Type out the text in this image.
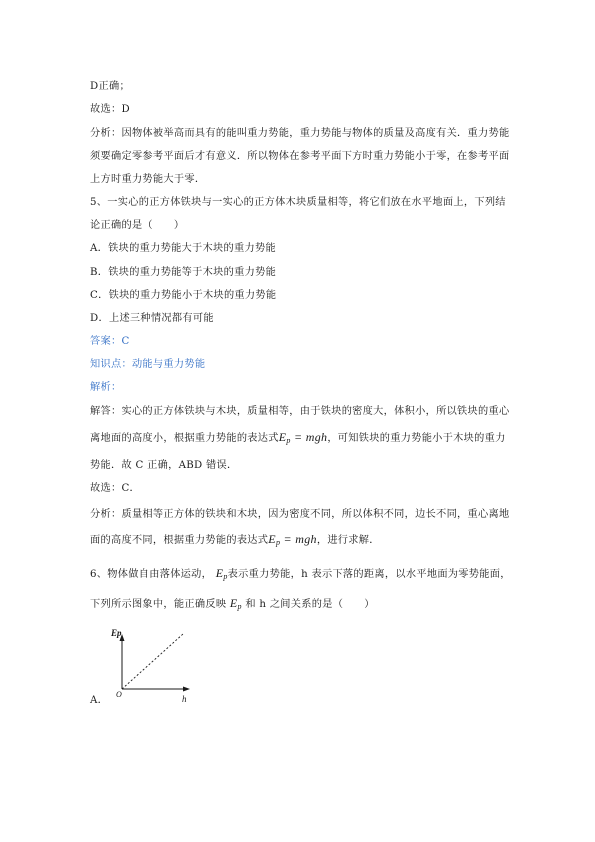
D正确；
故选：D
分析：因物体被举高而具有的能叫重力势能，重力势能与物体的质量及高度有关．重力势能
须要确定零参考平面后才有意义．所以物体在参考平面下方时重力势能小于零，在参考平面
上方时重力势能大于零．
5、一实心的正方体铁块与一实心的正方体木块质量相等，将它们放在水平地面上，下列结
论正确的是（　　）
A．铁块的重力势能大于木块的重力势能
B．铁块的重力势能等于木块的重力势能
C．铁块的重力势能小于木块的重力势能
D．上述三种情况都有可能
答案：C
知识点：动能与重力势能
解析：
解答：实心的正方体铁块与木块，质量相等，由于铁块的密度大，体积小，所以铁块的重心
离地面的高度小，根据重力势能的表达式$E_p$ = mgh，可知铁块的重力势能小于木块的重力
势能．故 C 正确，ABD 错误．
故选：C．
分析：质量相等正方体的铁块和木块，因为密度不同，所以体积不同，边长不同，重心离地
面的高度不同，根据重力势能的表达式$E_p$ = mgh，进行求解．
6、物体做自由落体运动， $E_p$表示重力势能，h 表示下落的距离，以水平地面为零势能面，
下列所示图象中，能正确反映 $E_p$ 和 h 之间关系的是（　　）
Ep
O	h
A．
